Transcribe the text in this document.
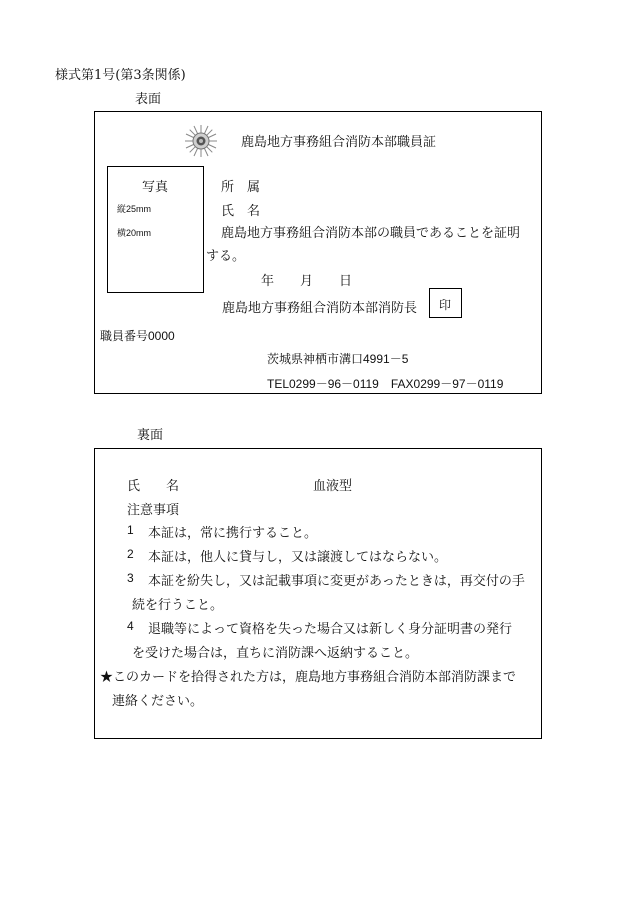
様式第1号(第3条関係)
表面
鹿島地方事務組合消防本部職員証
写真
縦25mm
横20mm
所　属
氏　名
鹿島地方事務組合消防本部の職員であることを証明
する。
年　　月　　日
鹿島地方事務組合消防本部消防長 印
職員番号0000
茨城県神栖市溝口4991－5
TEL0299－96－0119　FAX0299－97－0119
裏面
氏　　名	血液型
注意事項
1 本証は，常に携行すること。
2 本証は，他人に貸与し，又は譲渡してはならない。
3 本証を紛失し，又は記載事項に変更があったときは，再交付の手
続を行うこと。
4 退職等によって資格を失った場合又は新しく身分証明書の発行
を受けた場合は，直ちに消防課へ返納すること。
★このカードを拾得された方は，鹿島地方事務組合消防本部消防課まで
連絡ください。
